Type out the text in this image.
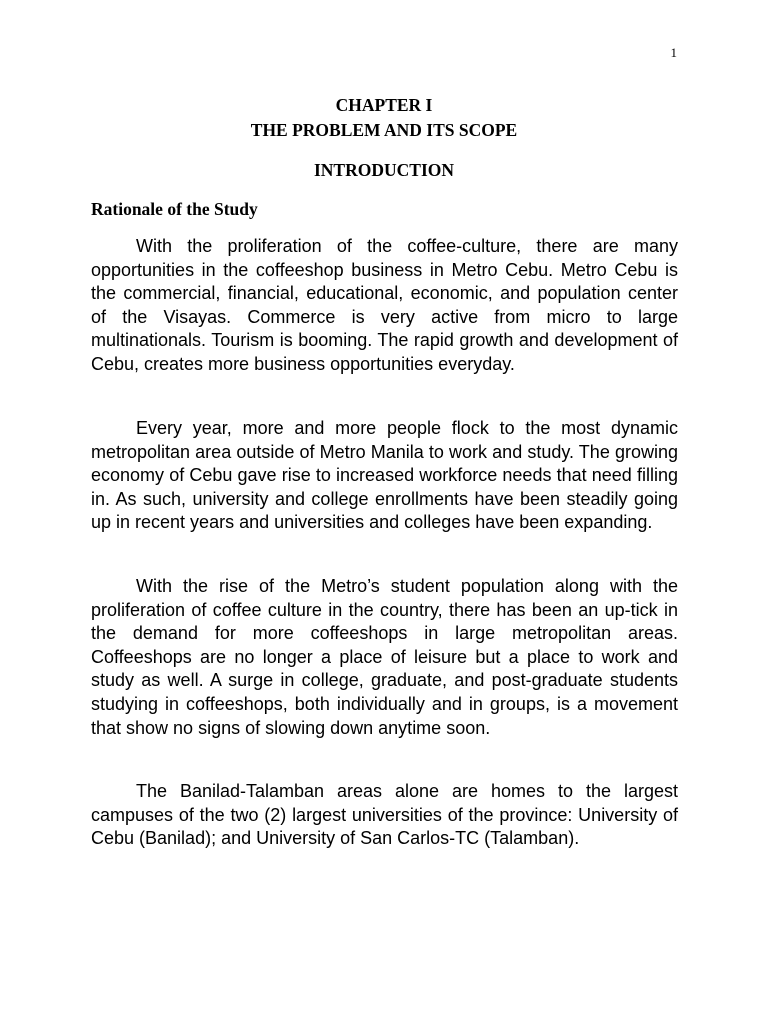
1
CHAPTER I
THE PROBLEM AND ITS SCOPE
INTRODUCTION
Rationale of the Study

With the proliferation of the coffee-culture, there are many opportunities in the coffeeshop business in Metro Cebu. Metro Cebu is the commercial, financial, educational, economic, and population center of the Visayas. Commerce is very active from micro to large multinationals. Tourism is booming. The rapid growth and development of Cebu, creates more business opportunities everyday.

Every year, more and more people flock to the most dynamic metropolitan area outside of Metro Manila to work and study. The growing economy of Cebu gave rise to increased workforce needs that need filling in. As such, university and college enrollments have been steadily going up in recent years and universities and colleges have been expanding.

With the rise of the Metro’s student population along with the proliferation of coffee culture in the country, there has been an up-tick in the demand for more coffeeshops in large metropolitan areas. Coffeeshops are no longer a place of leisure but a place to work and study as well. A surge in college, graduate, and post-graduate students studying in coffeeshops, both individually and in groups, is a movement that show no signs of slowing down anytime soon.

The Banilad-Talamban areas alone are homes to the largest campuses of the two (2) largest universities of the province: University of Cebu (Banilad); and University of San Carlos-TC (Talamban).
